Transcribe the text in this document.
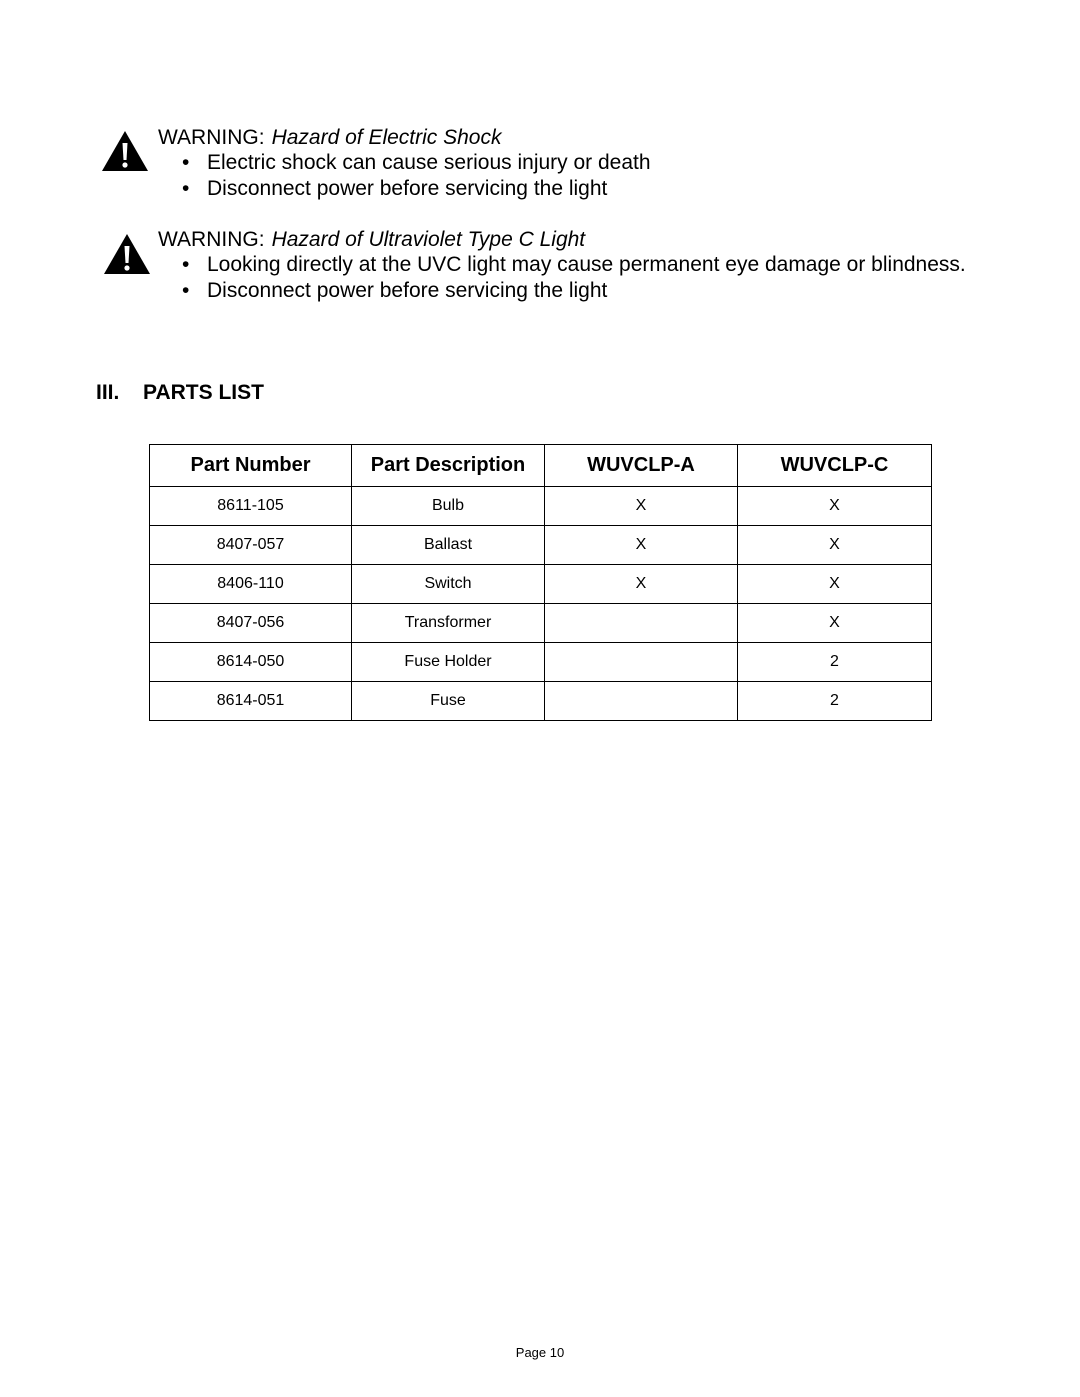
WARNING: Hazard of Electric Shock
• Electric shock can cause serious injury or death
• Disconnect power before servicing the light
WARNING: Hazard of Ultraviolet Type C Light
• Looking directly at the UVC light may cause permanent eye damage or blindness.
• Disconnect power before servicing the light
III. PARTS LIST
Part Number	Part Description	WUVCLP-A	WUVCLP-C
8611-105	Bulb	X	X
8407-057	Ballast	X	X
8406-110	Switch	X	X
8407-056	Transformer		X
8614-050	Fuse Holder		2
8614-051	Fuse		2
Page 10
